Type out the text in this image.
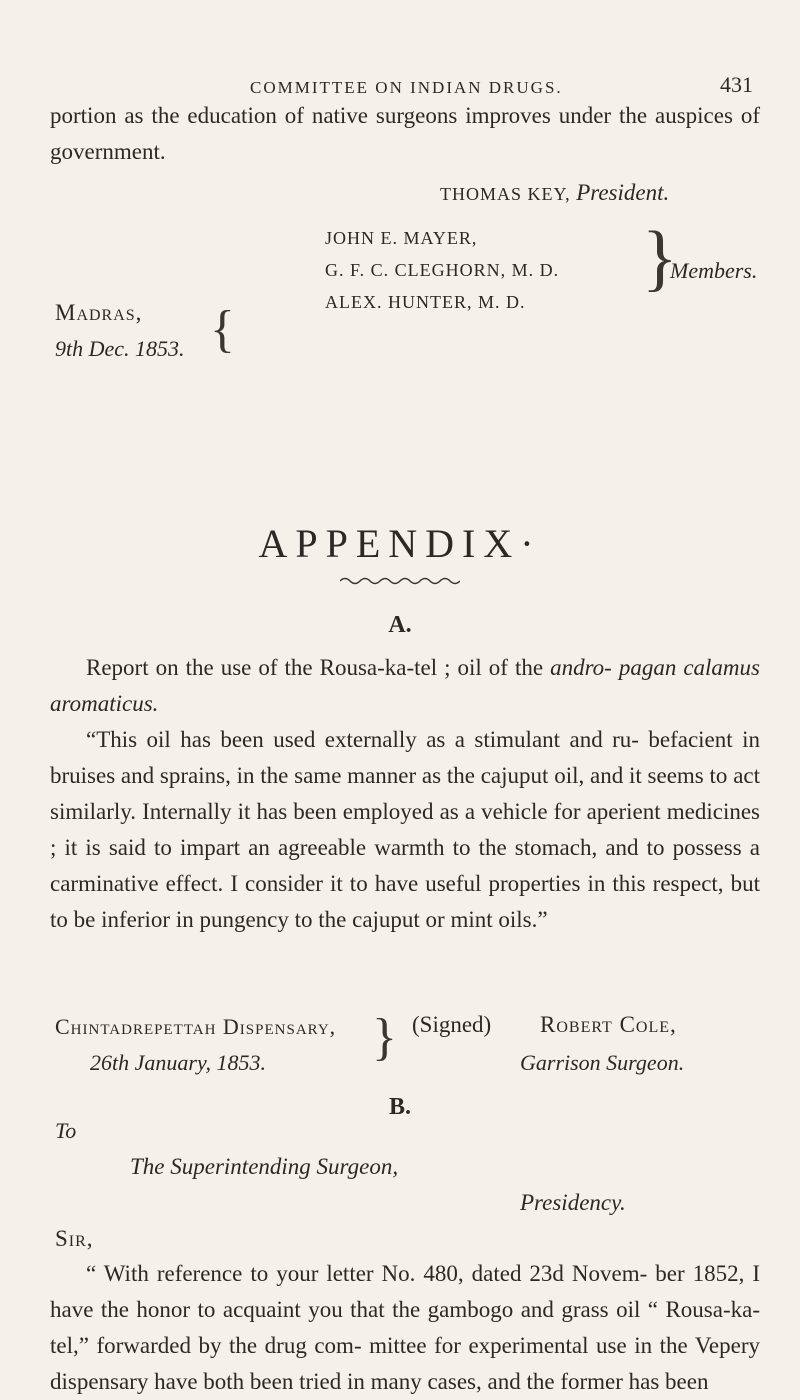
COMMITTEE ON INDIAN DRUGS.	431
portion as the education of native surgeons improves under the auspices of government.
THOMAS KEY, President.
JOHN E. MAYER,
G. F. C. CLEGHORN, M. D.
ALEX. HUNTER, M. D.
}
Members.
Madras,
9th Dec. 1853. {
APPENDIX·
A.
Report on the use of the Rousa-ka-tel ; oil of the andro- pagan calamus aromaticus.
“This oil has been used externally as a stimulant and ru- befacient in bruises and sprains, in the same manner as the cajuput oil, and it seems to act similarly. Internally it has been employed as a vehicle for aperient medicines ; it is said to impart an agreeable warmth to the stomach, and to possess a carminative effect. I consider it to have useful properties in this respect, but to be inferior in pungency to the cajuput or mint oils.”
Chintadrepettah Dispensary,
26th January, 1853. } (Signed) Robert Cole,
Garrison Surgeon.
B.
To
The Superintending Surgeon,
Presidency.
Sir,
“ With reference to your letter No. 480, dated 23d Novem- ber 1852, I have the honor to acquaint you that the gambogo and grass oil “ Rousa-ka-tel,” forwarded by the drug com- mittee for experimental use in the Vepery dispensary have both been tried in many cases, and the former has been
